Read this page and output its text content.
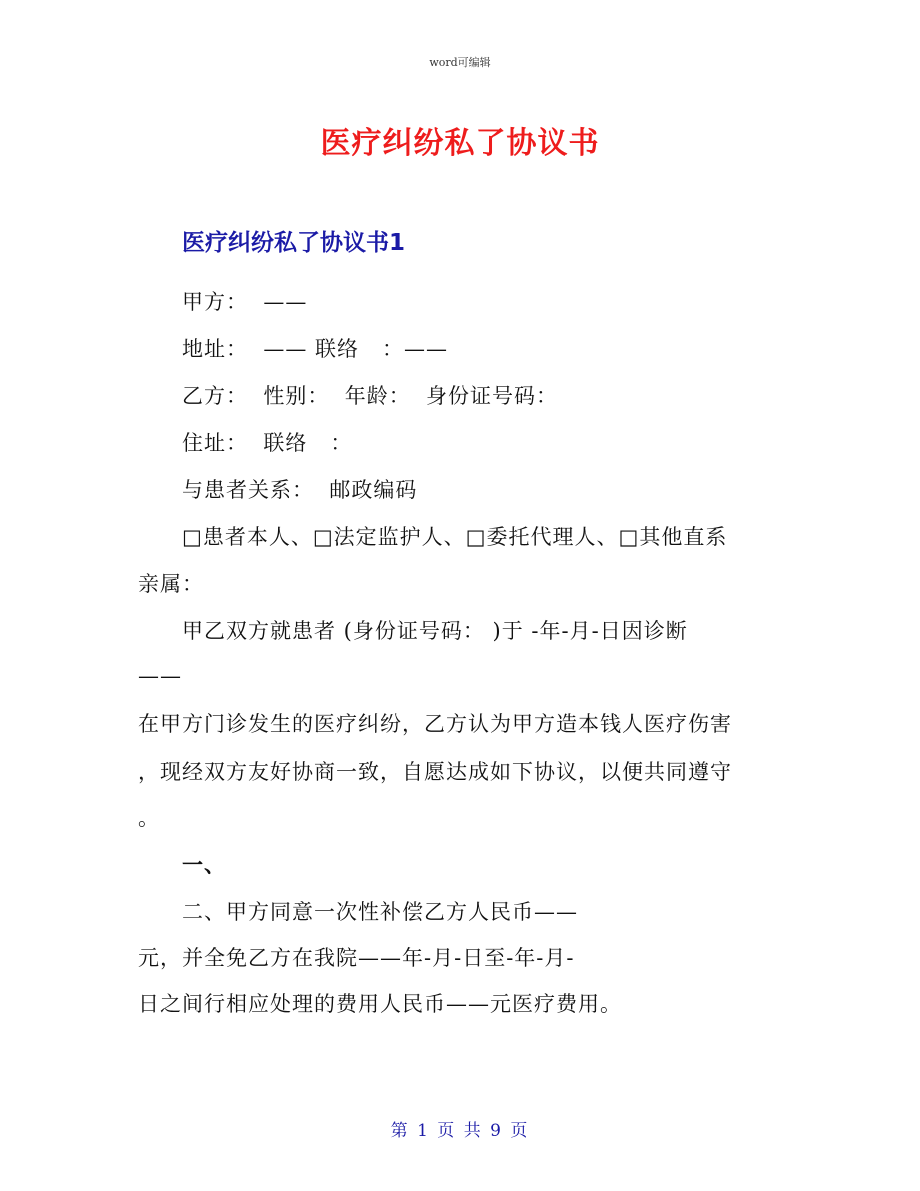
word可编辑
医疗纠纷私了协议书
医疗纠纷私了协议书1
甲方：  ——
地址：  —— 联络   ：——
乙方：  性别：  年龄：  身份证号码：
住址：  联络   ：
与患者关系：  邮政编码
□患者本人、□法定监护人、□委托代理人、□其他直系
亲属：
甲乙双方就患者 (身份证号码： )于 -年-月-日因诊断
——
在甲方门诊发生的医疗纠纷，乙方认为甲方造本钱人医疗伤害
，现经双方友好协商一致，自愿达成如下协议，以便共同遵守
。
一、
二、甲方同意一次性补偿乙方人民币——
元，并全免乙方在我院——年-月-日至-年-月-
日之间行相应处理的费用人民币——元医疗费用。
第 1 页 共 9 页
